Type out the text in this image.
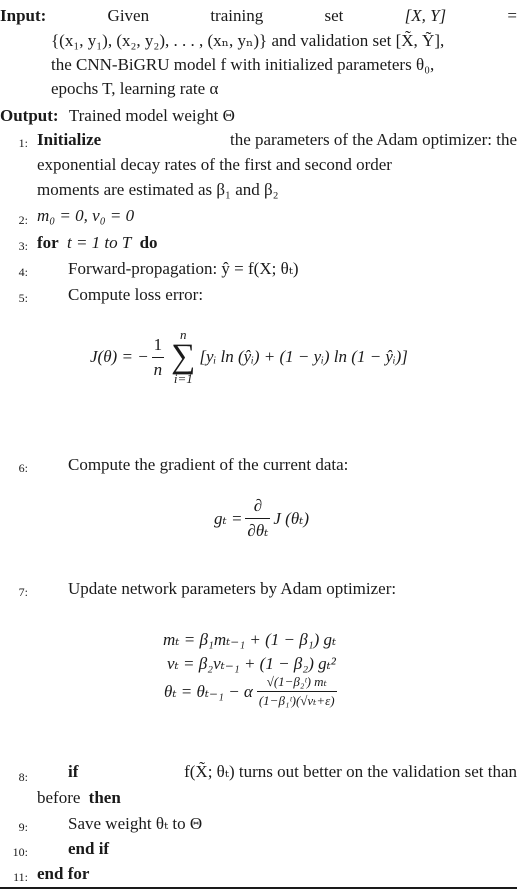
Input:	Given	training	set	[X, Y]	=
{(x₁, y₁), (x₂, y₂), . . . , (xₙ, yₙ)} and validation set [X̃, Ỹ],
the CNN-BiGRU model f with initialized parameters θ₀,
epochs T, learning rate α
Output: Trained model weight Θ
1: Initialize	the parameters of the Adam optimizer: the
exponential decay rates of the first and second order
moments are estimated as β₁ and β₂
2: m₀ = 0, v₀ = 0
3: for t = 1 to T do
4: Forward-propagation: ŷ = f(X; θₜ)
5: Compute loss error:
J(θ) = − $\frac{1}{n}$	n
∑
i=1
[yᵢ ln (ŷᵢ) + (1 − yᵢ) ln (1 − ŷᵢ)]
6: Compute the gradient of the current data:
$g_t = \frac{\partial}{\text{∂θₜ}}$ J (θₜ)
7: Update network parameters by Adam optimizer:
mₜ = β₁mₜ₋₁ + (1 − β₁) gₜ
vₜ = β₂vₜ₋₁ + (1 − β₂) gₜ²
θₜ = θₜ₋₁ − α $\frac{\text{√(1−β₂ᵗ) mₜ}}{\text{(1−β₁ᵗ)(√vₜ+ε)}}$
8: if	f(X̃; θₜ) turns out better on the validation set than
before then
9: Save weight θₜ to Θ
10: end if
11: end for
